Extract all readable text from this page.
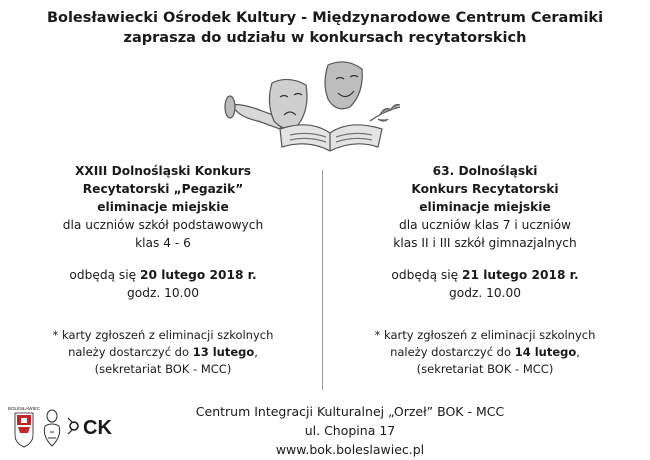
Bolesławiecki Ośrodek Kultury - Międzynarodowe Centrum Ceramiki
zaprasza do udziału w konkursach recytatorskich
XXIII Dolnośląski Konkurs
Recytatorski „Pegazik”
eliminacje miejskie
dla uczniów szkół podstawowych
klas 4 - 6
odbędą się 20 lutego 2018 r.
godz. 10.00
* karty zgłoszeń z eliminacji szkolnych
należy dostarczyć do 13 lutego,
(sekretariat BOK - MCC)
63. Dolnośląski
Konkurs Recytatorski
eliminacje miejskie
dla uczniów klas 7 i uczniów
klas II i III szkół gimnazjalnych
odbędą się 21 lutego 2018 r.
godz. 10.00
* karty zgłoszeń z eliminacji szkolnych
należy dostarczyć do 14 lutego,
(sekretariat BOK - MCC)
BOLESŁAWIEC
CK
Centrum Integracji Kulturalnej „Orzeł” BOK - MCC
ul. Chopina 17
www.bok.boleslawiec.pl
